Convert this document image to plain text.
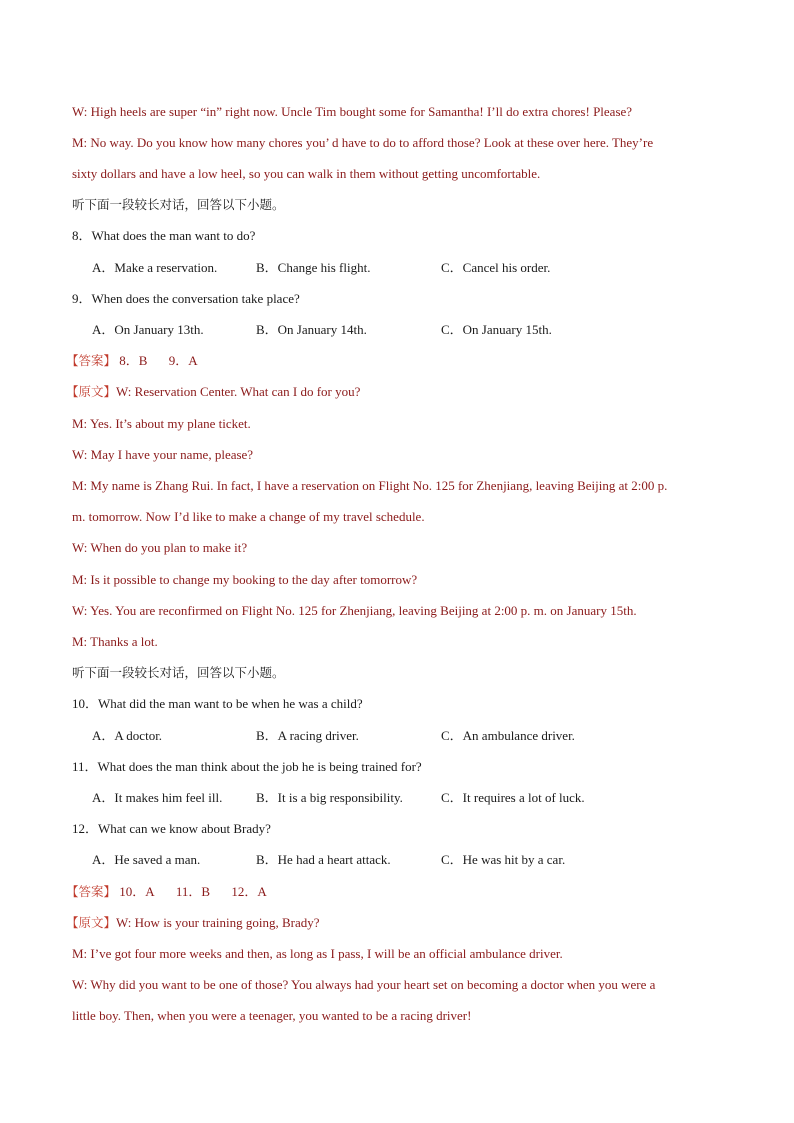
W: High heels are super “in” right now. Uncle Tim bought some for Samantha! I’ll do extra chores! Please?
M: No way. Do you know how many chores you’ d have to do to afford those? Look at these over here. They’re
sixty dollars and have a low heel, so you can walk in them without getting uncomfortable.
听下面一段较长对话，回答以下小题。
8．What does the man want to do?
A．Make a reservation.	B．Change his flight.	C．Cancel his order.
9．When does the conversation take place?
A．On January 13th.	B．On January 14th.	C．On January 15th.
【答案】 8．B 9．A
【原文】W: Reservation Center. What can I do for you?
M: Yes. It’s about my plane ticket.
W: May I have your name, please?
M: My name is Zhang Rui. In fact, I have a reservation on Flight No. 125 for Zhenjiang, leaving Beijing at 2:00 p.
m. tomorrow. Now I’d like to make a change of my travel schedule.
W: When do you plan to make it?
M: Is it possible to change my booking to the day after tomorrow?
W: Yes. You are reconfirmed on Flight No. 125 for Zhenjiang, leaving Beijing at 2:00 p. m. on January 15th.
M: Thanks a lot.
听下面一段较长对话，回答以下小题。
10．What did the man want to be when he was a child?
A．A doctor.	B．A racing driver.	C．An ambulance driver.
11．What does the man think about the job he is being trained for?
A．It makes him feel ill.	B．It is a big responsibility.	C．It requires a lot of luck.
12．What can we know about Brady?
A．He saved a man.	B．He had a heart attack.	C．He was hit by a car.
【答案】 10．A 11．B 12．A
【原文】W: How is your training going, Brady?
M: I’ve got four more weeks and then, as long as I pass, I will be an official ambulance driver.
W: Why did you want to be one of those? You always had your heart set on becoming a doctor when you were a
little boy. Then, when you were a teenager, you wanted to be a racing driver!
